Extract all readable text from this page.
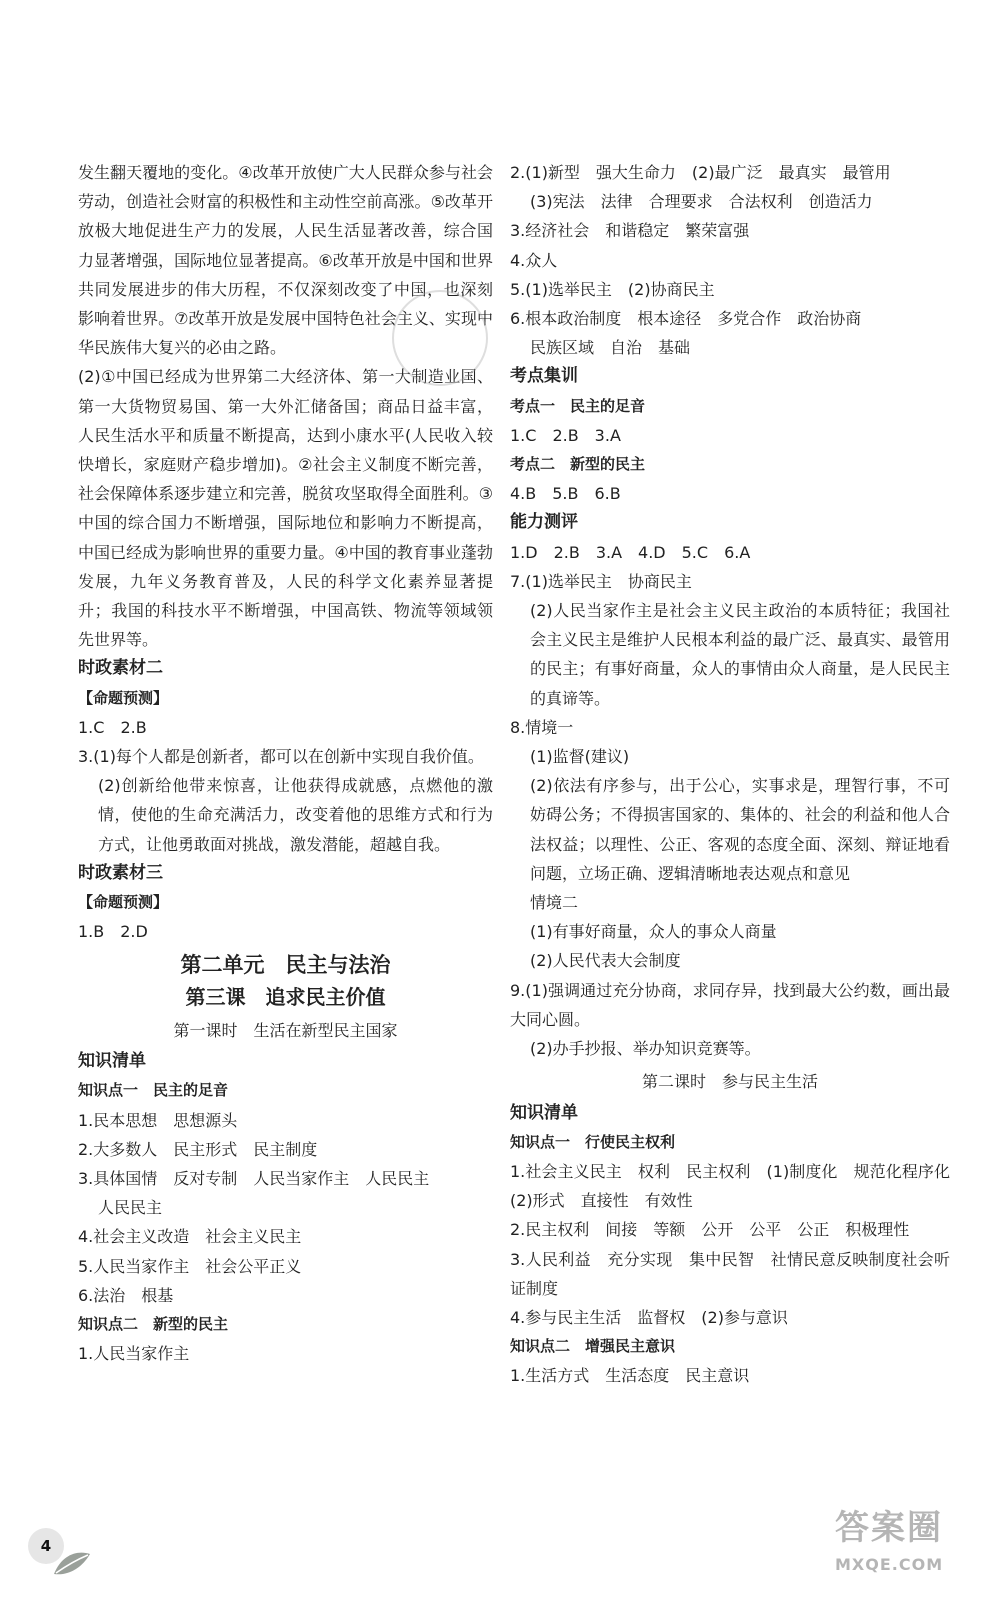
发生翻天覆地的变化。④改革开放使广大人民群众参与社会劳动，创造社会财富的积极性和主动性空前高涨。⑤改革开放极大地促进生产力的发展，人民生活显著改善，综合国力显著增强，国际地位显著提高。⑥改革开放是中国和世界共同发展进步的伟大历程，不仅深刻改变了中国，也深刻影响着世界。⑦改革开放是发展中国特色社会主义、实现中华民族伟大复兴的必由之路。
(2)①中国已经成为世界第二大经济体、第一大制造业国、第一大货物贸易国、第一大外汇储备国；商品日益丰富，人民生活水平和质量不断提高，达到小康水平(人民收入较快增长，家庭财产稳步增加)。②社会主义制度不断完善，社会保障体系逐步建立和完善，脱贫攻坚取得全面胜利。③中国的综合国力不断增强，国际地位和影响力不断提高，中国已经成为影响世界的重要力量。④中国的教育事业蓬勃发展，九年义务教育普及，人民的科学文化素养显著提升；我国的科技水平不断增强，中国高铁、物流等领域领先世界等。
时政素材二
【命题预测】
1.C　2.B
3.(1)每个人都是创新者，都可以在创新中实现自我价值。
(2)创新给他带来惊喜，让他获得成就感，点燃他的激情，使他的生命充满活力，改变着他的思维方式和行为方式，让他勇敢面对挑战，激发潜能，超越自我。
时政素材三
【命题预测】
1.B　2.D
第二单元　民主与法治
第三课　追求民主价值
第一课时　生活在新型民主国家
知识清单
知识点一　民主的足音
1.民本思想　思想源头
2.大多数人　民主形式　民主制度
3.具体国情　反对专制　人民当家作主　人民民主
人民民主
4.社会主义改造　社会主义民主
5.人民当家作主　社会公平正义
6.法治　根基
知识点二　新型的民主
1.人民当家作主
2.(1)新型　强大生命力　(2)最广泛　最真实　最管用
(3)宪法　法律　合理要求　合法权利　创造活力
3.经济社会　和谐稳定　繁荣富强
4.众人
5.(1)选举民主　(2)协商民主
6.根本政治制度　根本途径　多党合作　政治协商
民族区域　自治　基础
考点集训
考点一　民主的足音
1.C　2.B　3.A
考点二　新型的民主
4.B　5.B　6.B
能力测评
1.D　2.B　3.A　4.D　5.C　6.A
7.(1)选举民主　协商民主
(2)人民当家作主是社会主义民主政治的本质特征；我国社会主义民主是维护人民根本利益的最广泛、最真实、最管用的民主；有事好商量，众人的事情由众人商量，是人民民主的真谛等。
8.情境一
(1)监督(建议)
(2)依法有序参与，出于公心，实事求是，理智行事，不可妨碍公务；不得损害国家的、集体的、社会的利益和他人合法权益；以理性、公正、客观的态度全面、深刻、辩证地看问题，立场正确、逻辑清晰地表达观点和意见
情境二
(1)有事好商量，众人的事众人商量
(2)人民代表大会制度
9.(1)强调通过充分协商，求同存异，找到最大公约数，画出最大同心圆。
(2)办手抄报、举办知识竞赛等。
第二课时　参与民主生活
知识清单
知识点一　行使民主权利
1.社会主义民主　权利　民主权利　(1)制度化　规范化程序化　(2)形式　直接性　有效性
2.民主权利　间接　等额　公开　公平　公正　积极理性
3.人民利益　充分实现　集中民智　社情民意反映制度社会听证制度
4.参与民主生活　监督权　(2)参与意识
知识点二　增强民主意识
1.生活方式　生活态度　民主意识
4	答案圈
MXQE.COM
